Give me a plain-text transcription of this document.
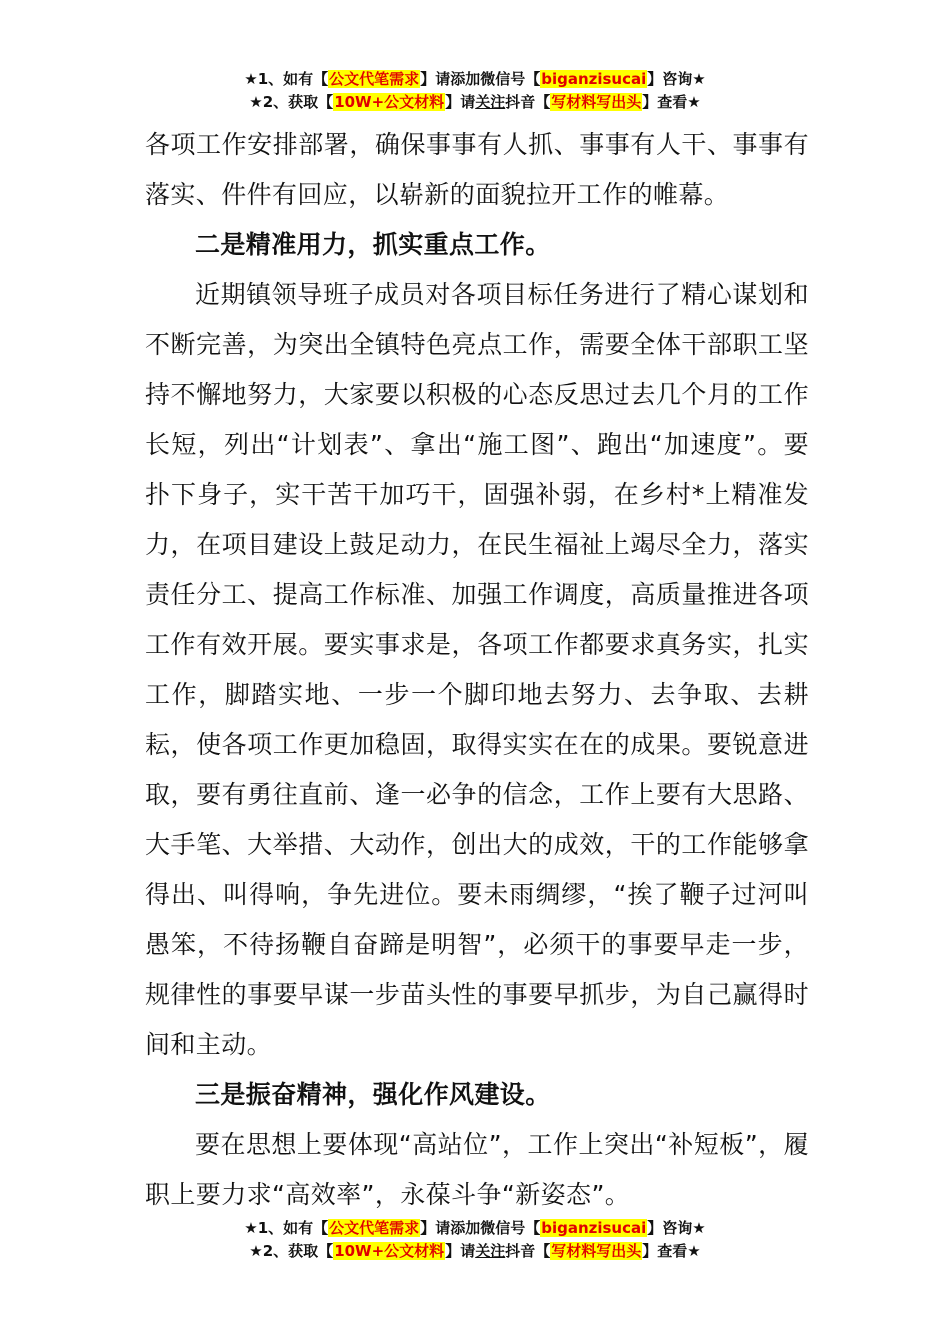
★1、如有【公文代笔需求】请添加微信号【biganzisucai】咨询★
★2、获取【10W+公文材料】请关注抖音【写材料写出头】查看★

各项工作安排部署，确保事事有人抓、事事有人干、事事有落实、件件有回应，以崭新的面貌拉开工作的帷幕。

二是精准用力，抓实重点工作。

近期镇领导班子成员对各项目标任务进行了精心谋划和不断完善，为突出全镇特色亮点工作，需要全体干部职工坚持不懈地努力，大家要以积极的心态反思过去几个月的工作长短，列出“计划表”、拿出“施工图”、跑出“加速度”。要扑下身子，实干苦干加巧干，固强补弱，在乡村*上精准发力，在项目建设上鼓足动力，在民生福祉上竭尽全力，落实责任分工、提高工作标准、加强工作调度，高质量推进各项工作有效开展。要实事求是，各项工作都要求真务实，扎实工作，脚踏实地、一步一个脚印地去努力、去争取、去耕耘，使各项工作更加稳固，取得实实在在的成果。要锐意进取，要有勇往直前、逢一必争的信念，工作上要有大思路、大手笔、大举措、大动作，创出大的成效，干的工作能够拿得出、叫得响，争先进位。要未雨绸缪，“挨了鞭子过河叫愚笨，不待扬鞭自奋蹄是明智”，必须干的事要早走一步，规律性的事要早谋一步苗头性的事要早抓步，为自己赢得时间和主动。

三是振奋精神，强化作风建设。

要在思想上要体现“高站位”，工作上突出“补短板”，履职上要力求“高效率”，永葆斗争“新姿态”。

★1、如有【公文代笔需求】请添加微信号【biganzisucai】咨询★
★2、获取【10W+公文材料】请关注抖音【写材料写出头】查看★
